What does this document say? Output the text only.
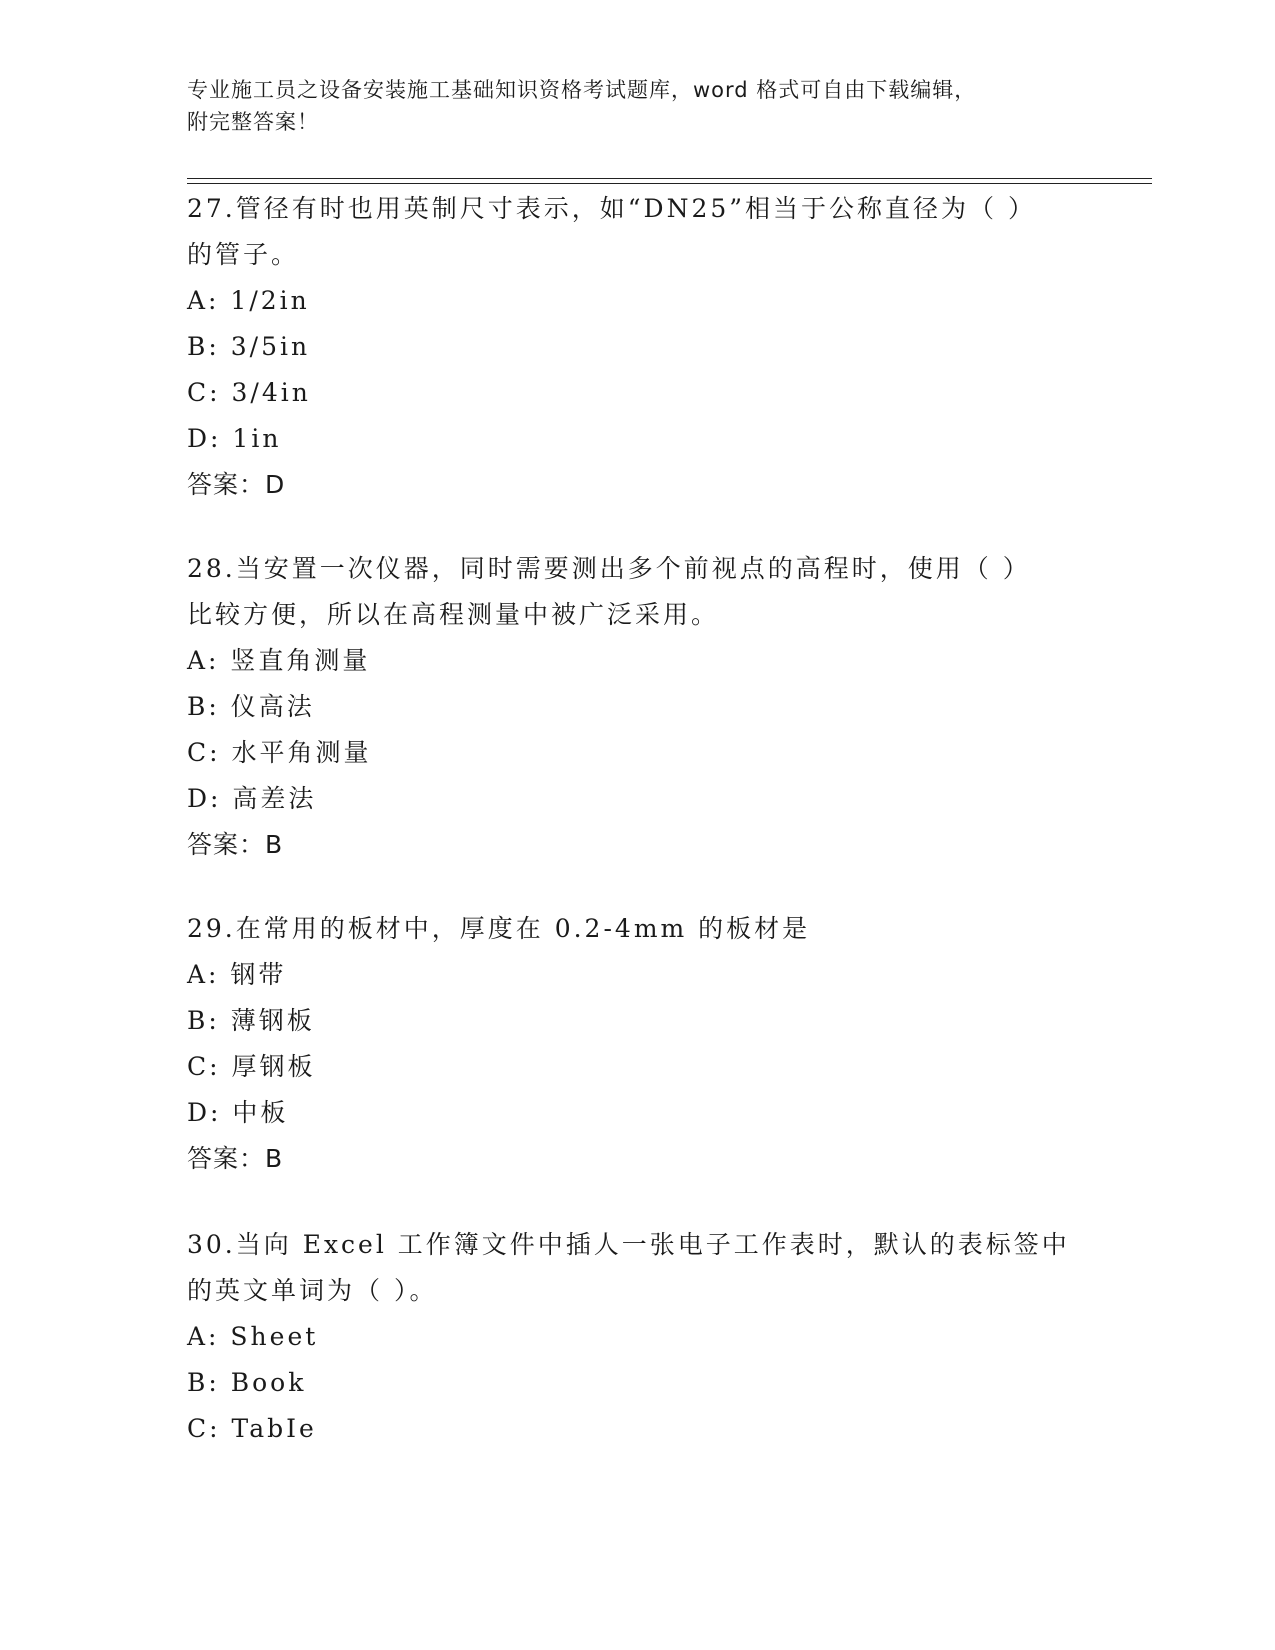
专业施工员之设备安装施工基础知识资格考试题库，word 格式可自由下载编辑，
附完整答案！

27.管径有时也用英制尺寸表示，如“DN25”相当于公称直径为（ ）

的管子。

A: 1/2in

B: 3/5in

C: 3/4in

D: 1in

答案：D

28.当安置一次仪器，同时需要测出多个前视点的高程时，使用（ ）

比较方便，所以在高程测量中被广泛采用。

A: 竖直角测量

B: 仪高法

C: 水平角测量

D: 高差法

答案：B

29.在常用的板材中，厚度在 0.2-4mm 的板材是

A: 钢带

B: 薄钢板

C: 厚钢板

D: 中板

答案：B

30.当向 Excel 工作簿文件中插人一张电子工作表时，默认的表标签中

的英文单词为（ ）。

A: Sheet

B: Book

C: TabIe
